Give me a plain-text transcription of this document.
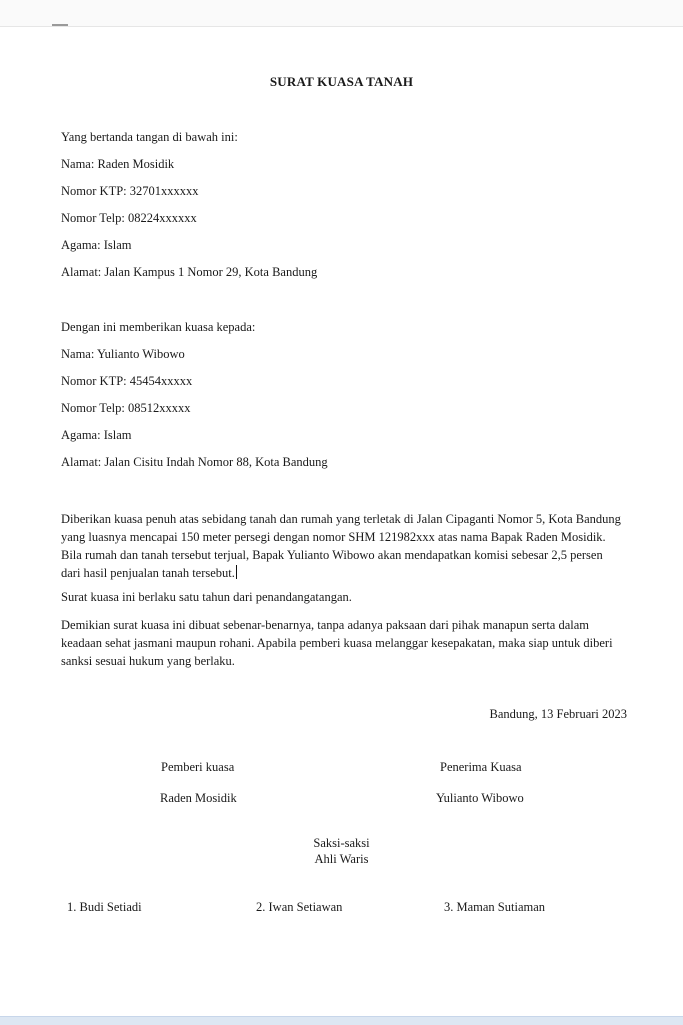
SURAT KUASA TANAH
Yang bertanda tangan di bawah ini:
Nama: Raden Mosidik
Nomor KTP: 32701xxxxxx
Nomor Telp: 08224xxxxxx
Agama: Islam
Alamat: Jalan Kampus 1 Nomor 29, Kota Bandung
Dengan ini memberikan kuasa kepada:
Nama: Yulianto Wibowo
Nomor KTP: 45454xxxxx
Nomor Telp: 08512xxxxx
Agama: Islam
Alamat: Jalan Cisitu Indah Nomor 88, Kota Bandung
Diberikan kuasa penuh atas sebidang tanah dan rumah yang terletak di Jalan Cipaganti Nomor 5, Kota Bandung yang luasnya mencapai 150 meter persegi dengan nomor SHM 121982xxx atas nama Bapak Raden Mosidik. Bila rumah dan tanah tersebut terjual, Bapak Yulianto Wibowo akan mendapatkan komisi sebesar 2,5 persen dari hasil penjualan tanah tersebut.
Surat kuasa ini berlaku satu tahun dari penandangatangan.
Demikian surat kuasa ini dibuat sebenar-benarnya, tanpa adanya paksaan dari pihak manapun serta dalam keadaan sehat jasmani maupun rohani. Apabila pemberi kuasa melanggar kesepakatan, maka siap untuk diberi sanksi sesuai hukum yang berlaku.
Bandung, 13 Februari 2023
Pemberi kuasa
Raden Mosidik
Penerima Kuasa
Yulianto Wibowo
Saksi-saksi
Ahli Waris
1. Budi Setiadi	2. Iwan Setiawan	3. Maman Sutiaman
